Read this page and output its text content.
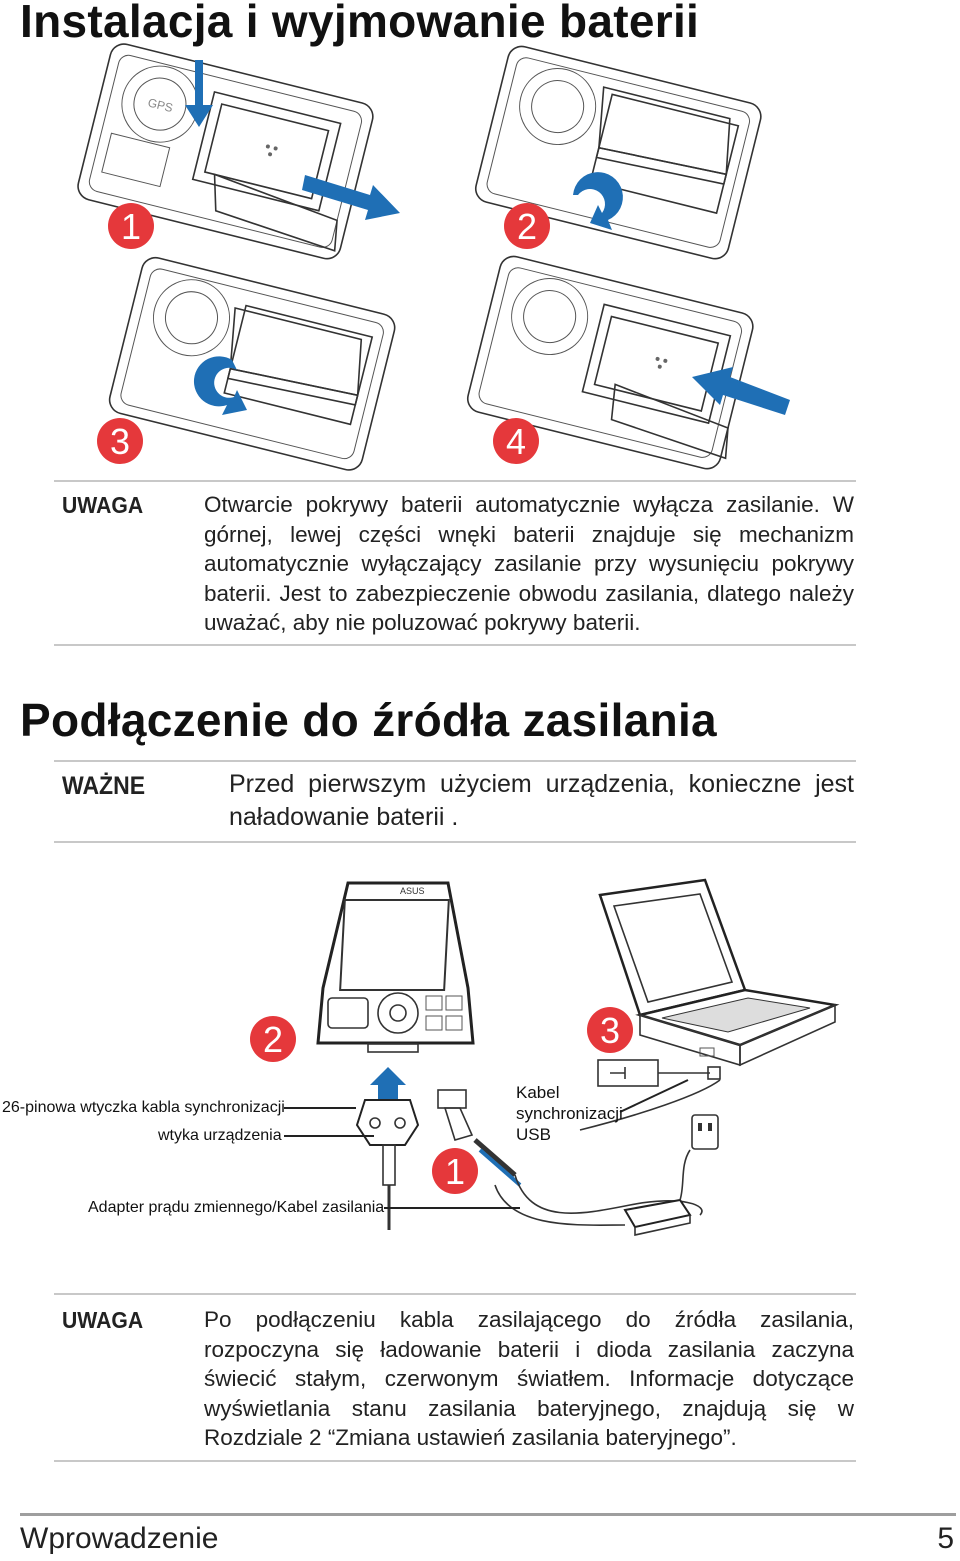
Instalacja i wyjmowanie baterii
GPS
1	2
3	4
UWAGA	Otwarcie pokrywy baterii automatycznie wyłącza zasilanie. W górnej, lewej części wnęki baterii znajduje się mechanizm automatycznie wyłączający zasilanie przy wysunięciu pokrywy baterii. Jest to zabezpieczenie obwodu zasilania, dlatego należy uważać, aby nie poluzować pokrywy baterii.

Podłączenie do źródła zasilania
WAŻNE	Przed pierwszym użyciem urządzenia, konieczne jest naładowanie baterii .

ASUS
2	3
1
26-pinowa wtyczka kabla synchronizacji
wtyka urządzenia
Kabel
synchronizacji
USB
Adapter prądu zmiennego/Kabel zasilania
UWAGA	Po podłączeniu kabla zasilającego do źródła zasilania, rozpoczyna się ładowanie baterii i dioda zasilania zaczyna świecić stałym, czerwonym światłem. Informacje dotyczące wyświetlania stanu zasilania bateryjnego, znajdują się w Rozdziale 2 “Zmiana ustawień zasilania bateryjnego”.

Wprowadzenie	5
